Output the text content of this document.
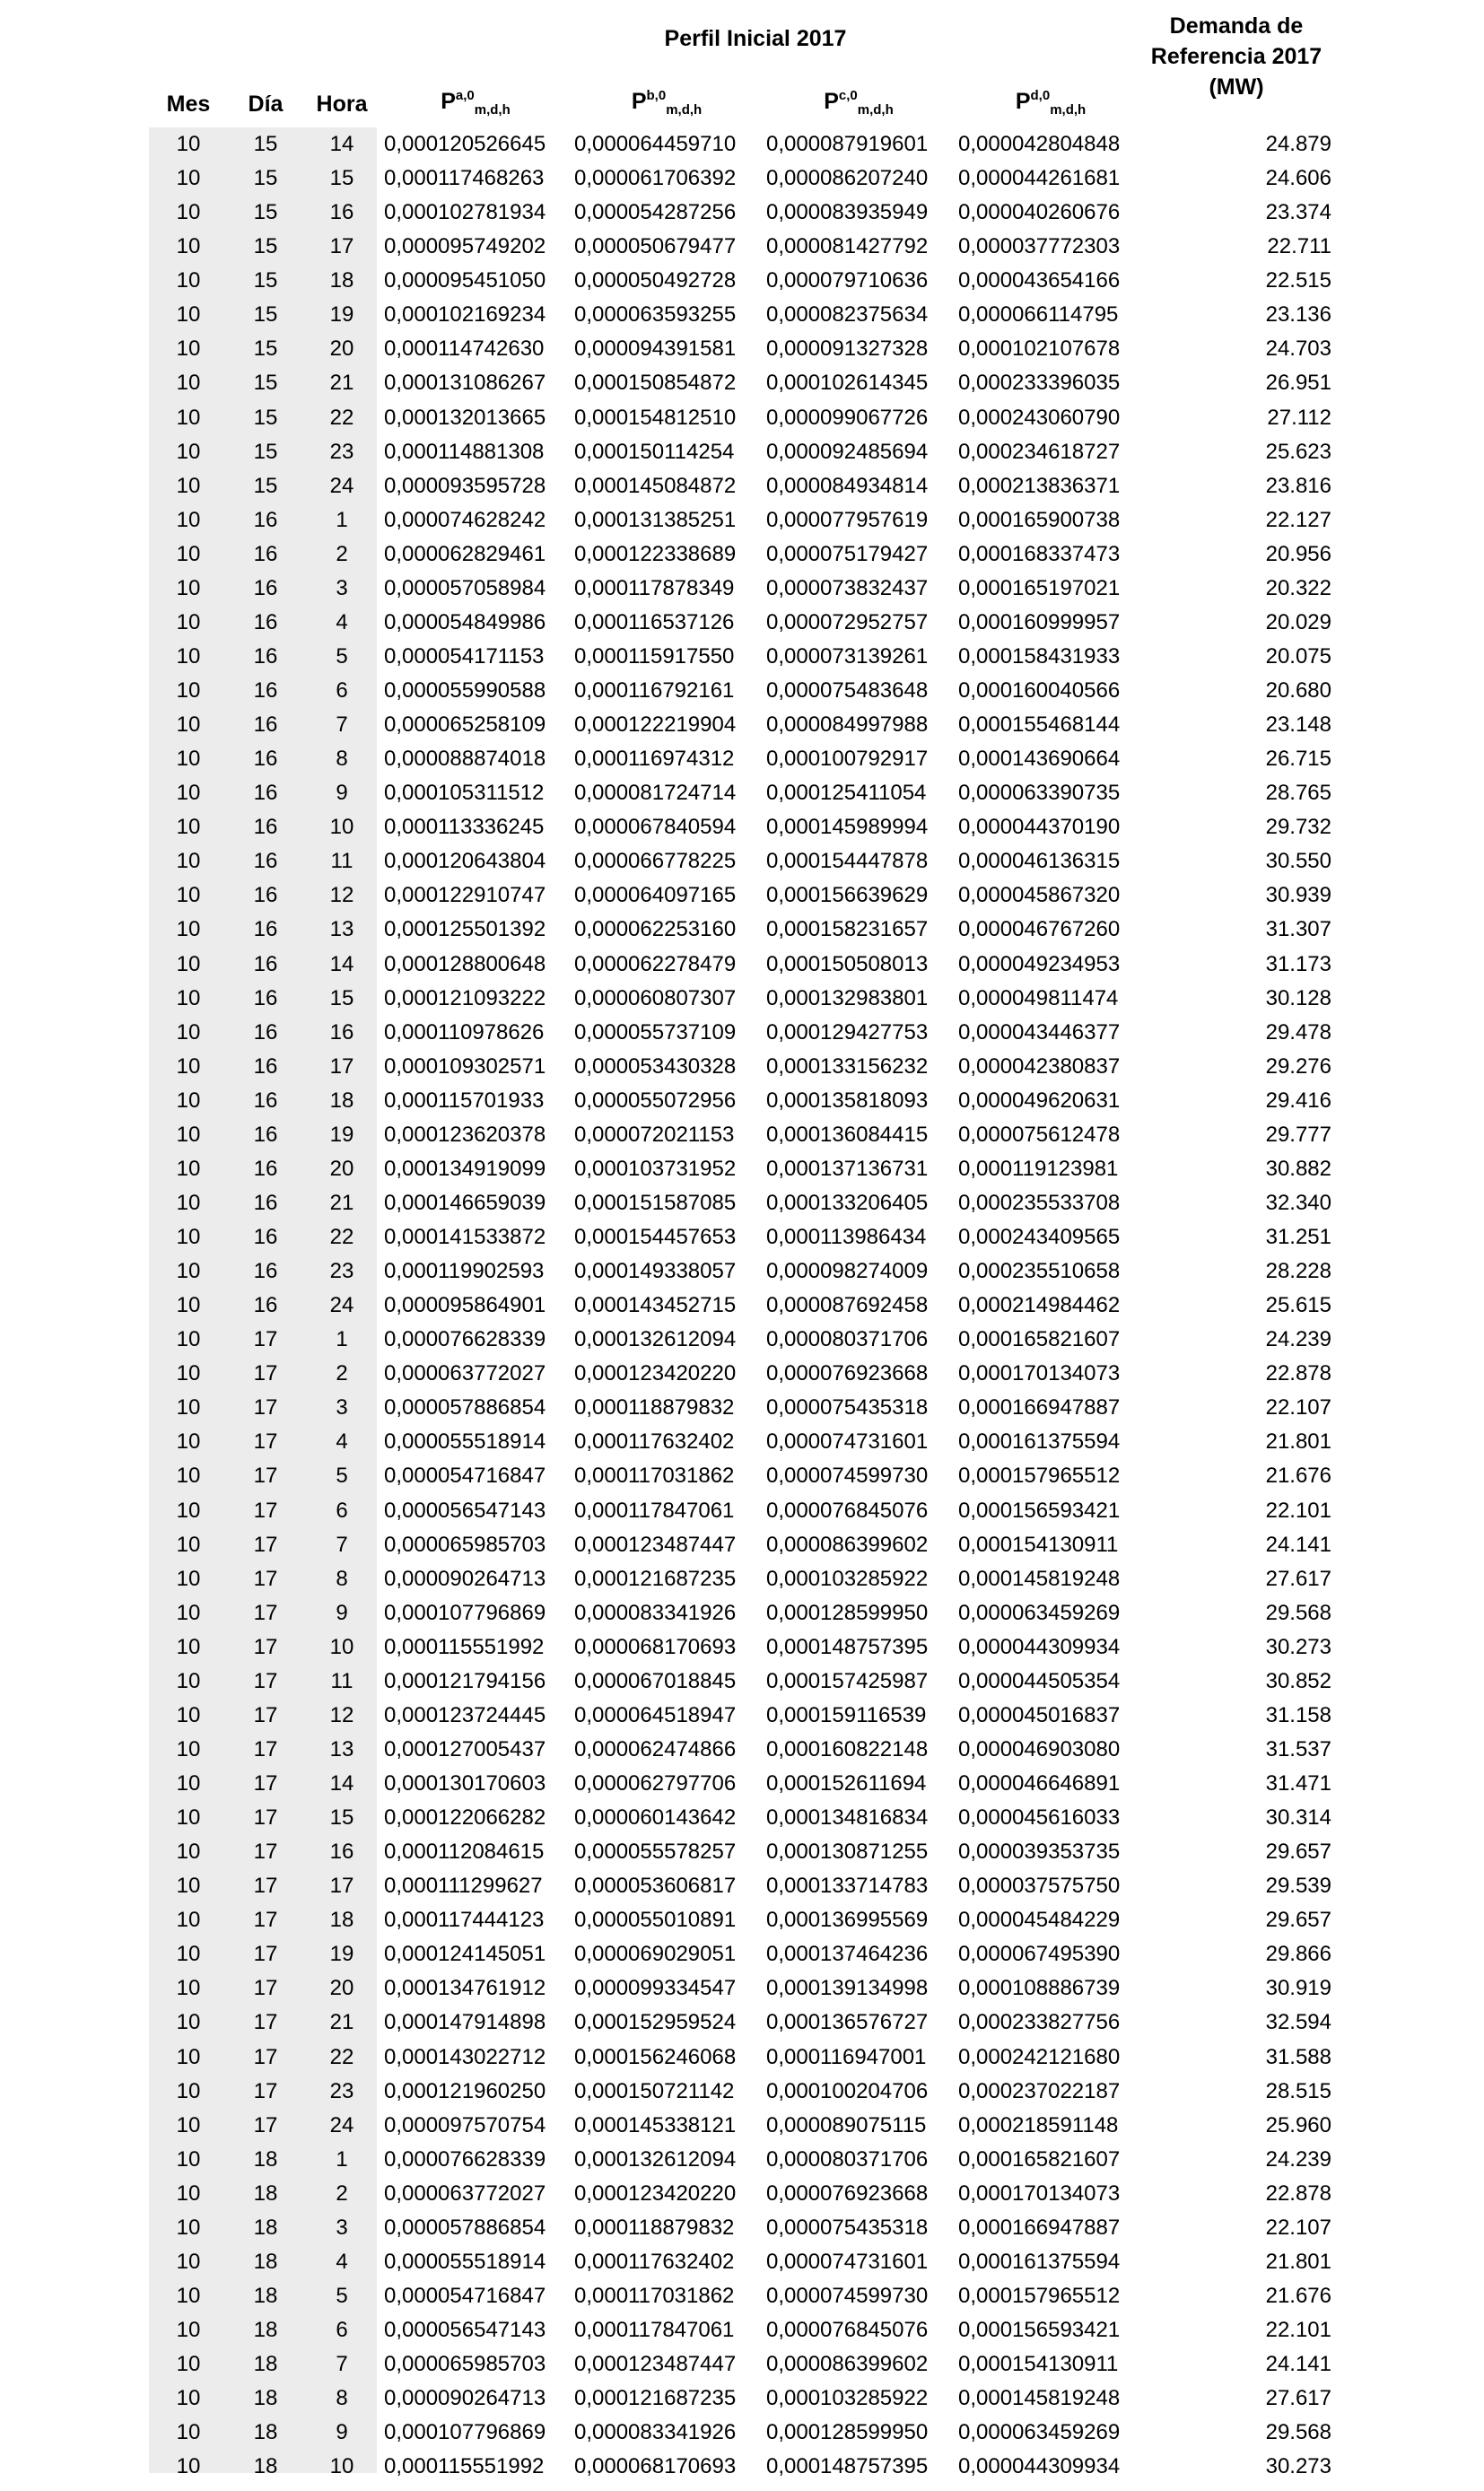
Perfil Inicial 2017	Demanda de
Referencia 2017
(MW)
Mes	Día	Hora	P$^{a,0}_{m,d,h}$	P$^{b,0}_{m,d,h}$	P$^{c,0}_{m,d,h}$	P$^{d,0}_{m,d,h}$
10	15	14	0,000120526645	0,000064459710	0,000087919601	0,000042804848	24.879
10	15	15	0,000117468263	0,000061706392	0,000086207240	0,000044261681	24.606
10	15	16	0,000102781934	0,000054287256	0,000083935949	0,000040260676	23.374
10	15	17	0,000095749202	0,000050679477	0,000081427792	0,000037772303	22.711
10	15	18	0,000095451050	0,000050492728	0,000079710636	0,000043654166	22.515
10	15	19	0,000102169234	0,000063593255	0,000082375634	0,000066114795	23.136
10	15	20	0,000114742630	0,000094391581	0,000091327328	0,000102107678	24.703
10	15	21	0,000131086267	0,000150854872	0,000102614345	0,000233396035	26.951
10	15	22	0,000132013665	0,000154812510	0,000099067726	0,000243060790	27.112
10	15	23	0,000114881308	0,000150114254	0,000092485694	0,000234618727	25.623
10	15	24	0,000093595728	0,000145084872	0,000084934814	0,000213836371	23.816
10	16	1	0,000074628242	0,000131385251	0,000077957619	0,000165900738	22.127
10	16	2	0,000062829461	0,000122338689	0,000075179427	0,000168337473	20.956
10	16	3	0,000057058984	0,000117878349	0,000073832437	0,000165197021	20.322
10	16	4	0,000054849986	0,000116537126	0,000072952757	0,000160999957	20.029
10	16	5	0,000054171153	0,000115917550	0,000073139261	0,000158431933	20.075
10	16	6	0,000055990588	0,000116792161	0,000075483648	0,000160040566	20.680
10	16	7	0,000065258109	0,000122219904	0,000084997988	0,000155468144	23.148
10	16	8	0,000088874018	0,000116974312	0,000100792917	0,000143690664	26.715
10	16	9	0,000105311512	0,000081724714	0,000125411054	0,000063390735	28.765
10	16	10	0,000113336245	0,000067840594	0,000145989994	0,000044370190	29.732
10	16	11	0,000120643804	0,000066778225	0,000154447878	0,000046136315	30.550
10	16	12	0,000122910747	0,000064097165	0,000156639629	0,000045867320	30.939
10	16	13	0,000125501392	0,000062253160	0,000158231657	0,000046767260	31.307
10	16	14	0,000128800648	0,000062278479	0,000150508013	0,000049234953	31.173
10	16	15	0,000121093222	0,000060807307	0,000132983801	0,000049811474	30.128
10	16	16	0,000110978626	0,000055737109	0,000129427753	0,000043446377	29.478
10	16	17	0,000109302571	0,000053430328	0,000133156232	0,000042380837	29.276
10	16	18	0,000115701933	0,000055072956	0,000135818093	0,000049620631	29.416
10	16	19	0,000123620378	0,000072021153	0,000136084415	0,000075612478	29.777
10	16	20	0,000134919099	0,000103731952	0,000137136731	0,000119123981	30.882
10	16	21	0,000146659039	0,000151587085	0,000133206405	0,000235533708	32.340
10	16	22	0,000141533872	0,000154457653	0,000113986434	0,000243409565	31.251
10	16	23	0,000119902593	0,000149338057	0,000098274009	0,000235510658	28.228
10	16	24	0,000095864901	0,000143452715	0,000087692458	0,000214984462	25.615
10	17	1	0,000076628339	0,000132612094	0,000080371706	0,000165821607	24.239
10	17	2	0,000063772027	0,000123420220	0,000076923668	0,000170134073	22.878
10	17	3	0,000057886854	0,000118879832	0,000075435318	0,000166947887	22.107
10	17	4	0,000055518914	0,000117632402	0,000074731601	0,000161375594	21.801
10	17	5	0,000054716847	0,000117031862	0,000074599730	0,000157965512	21.676
10	17	6	0,000056547143	0,000117847061	0,000076845076	0,000156593421	22.101
10	17	7	0,000065985703	0,000123487447	0,000086399602	0,000154130911	24.141
10	17	8	0,000090264713	0,000121687235	0,000103285922	0,000145819248	27.617
10	17	9	0,000107796869	0,000083341926	0,000128599950	0,000063459269	29.568
10	17	10	0,000115551992	0,000068170693	0,000148757395	0,000044309934	30.273
10	17	11	0,000121794156	0,000067018845	0,000157425987	0,000044505354	30.852
10	17	12	0,000123724445	0,000064518947	0,000159116539	0,000045016837	31.158
10	17	13	0,000127005437	0,000062474866	0,000160822148	0,000046903080	31.537
10	17	14	0,000130170603	0,000062797706	0,000152611694	0,000046646891	31.471
10	17	15	0,000122066282	0,000060143642	0,000134816834	0,000045616033	30.314
10	17	16	0,000112084615	0,000055578257	0,000130871255	0,000039353735	29.657
10	17	17	0,000111299627	0,000053606817	0,000133714783	0,000037575750	29.539
10	17	18	0,000117444123	0,000055010891	0,000136995569	0,000045484229	29.657
10	17	19	0,000124145051	0,000069029051	0,000137464236	0,000067495390	29.866
10	17	20	0,000134761912	0,000099334547	0,000139134998	0,000108886739	30.919
10	17	21	0,000147914898	0,000152959524	0,000136576727	0,000233827756	32.594
10	17	22	0,000143022712	0,000156246068	0,000116947001	0,000242121680	31.588
10	17	23	0,000121960250	0,000150721142	0,000100204706	0,000237022187	28.515
10	17	24	0,000097570754	0,000145338121	0,000089075115	0,000218591148	25.960
10	18	1	0,000076628339	0,000132612094	0,000080371706	0,000165821607	24.239
10	18	2	0,000063772027	0,000123420220	0,000076923668	0,000170134073	22.878
10	18	3	0,000057886854	0,000118879832	0,000075435318	0,000166947887	22.107
10	18	4	0,000055518914	0,000117632402	0,000074731601	0,000161375594	21.801
10	18	5	0,000054716847	0,000117031862	0,000074599730	0,000157965512	21.676
10	18	6	0,000056547143	0,000117847061	0,000076845076	0,000156593421	22.101
10	18	7	0,000065985703	0,000123487447	0,000086399602	0,000154130911	24.141
10	18	8	0,000090264713	0,000121687235	0,000103285922	0,000145819248	27.617
10	18	9	0,000107796869	0,000083341926	0,000128599950	0,000063459269	29.568
10	18	10	0,000115551992	0,000068170693	0,000148757395	0,000044309934	30.273
